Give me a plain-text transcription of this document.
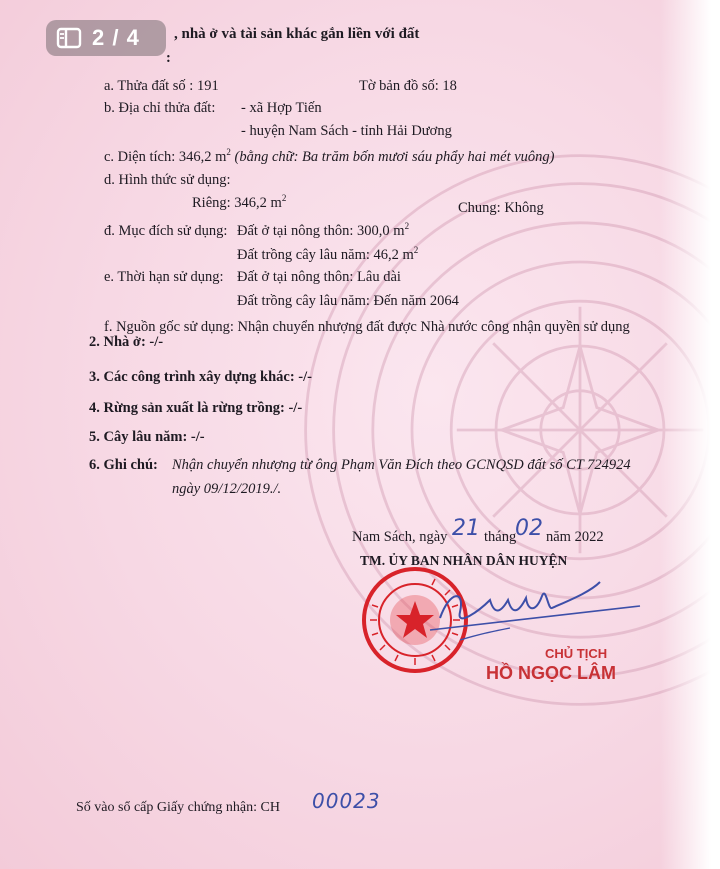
2 / 4 , nhà ở và tài sản khác gắn liền với đất
:
a. Thửa đất số : 191	Tờ bản đồ số: 18
b. Địa chỉ thửa đất: - xã Hợp Tiến
- huyện Nam Sách - tỉnh Hải Dương
c. Diện tích: 346,2 $m^2$ (bằng chữ: Ba trăm bốn mươi sáu phẩy hai mét vuông)
d. Hình thức sử dụng:
Riêng: 346,2 $m^2$
Chung: Không
đ. Mục đích sử dụng: Đất ở tại nông thôn: 300,0 $m^2$
Đất trồng cây lâu năm: 46,2 $m^2$
e. Thời hạn sử dụng: Đất ở tại nông thôn: Lâu dài
Đất trồng cây lâu năm: Đến năm 2064
f. Nguồn gốc sử dụng: Nhận chuyển nhượng đất được Nhà nước công nhận quyền sử dụng
2. Nhà ở: -/-
3. Các công trình xây dựng khác: -/-
4. Rừng sản xuất là rừng trồng: -/-
5. Cây lâu năm: -/-
6. Ghi chú: Nhận chuyển nhượng từ ông Phạm Văn Đích theo GCNQSD đất số CT 724924
ngày 09/12/2019./.
Nam Sách, ngày 21 tháng
02 năm 2022
TM. ỦY BAN NHÂN DÂN HUYỆN
CHỦ TỊCH
HỒ NGỌC LÂM
Số vào sổ cấp Giấy chứng nhận: CH 00023
